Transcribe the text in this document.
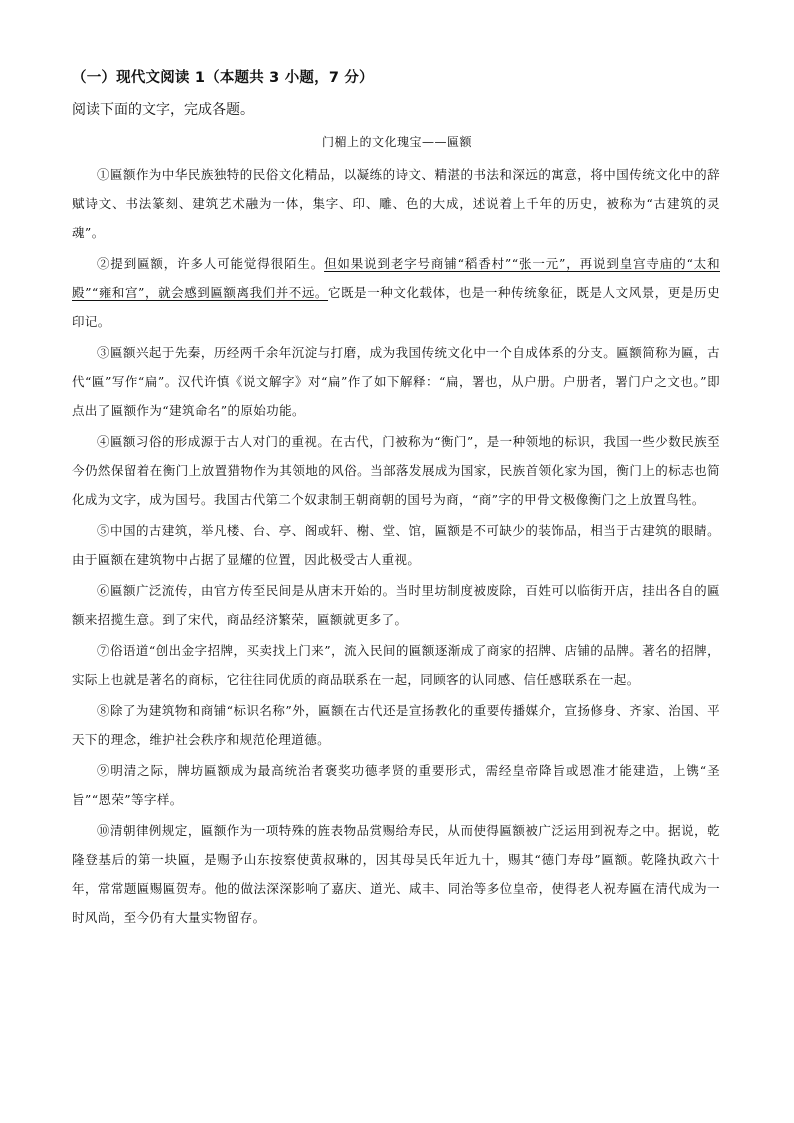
（一）现代文阅读 1（本题共 3 小题，7 分）
阅读下面的文字，完成各题。
门楣上的文化瑰宝——匾额

①匾额作为中华民族独特的民俗文化精品，以凝练的诗文、精湛的书法和深远的寓意，将中国传统文化中的辞赋诗文、书法篆刻、建筑艺术融为一体，集字、印、雕、色的大成，述说着上千年的历史，被称为“古建筑的灵魂”。

②提到匾额，许多人可能觉得很陌生。但如果说到老字号商铺“稻香村”“张一元”，再说到皇宫寺庙的“太和殿”“雍和宫”，就会感到匾额离我们并不远。它既是一种文化载体，也是一种传统象征，既是人文风景，更是历史印记。

③匾额兴起于先秦，历经两千余年沉淀与打磨，成为我国传统文化中一个自成体系的分支。匾额简称为匾，古代“匾”写作“扁”。汉代许慎《说文解字》对“扁”作了如下解释：“扁，署也，从户册。户册者，署门户之文也。”即点出了匾额作为“建筑命名”的原始功能。

④匾额习俗的形成源于古人对门的重视。在古代，门被称为“衡门”，是一种领地的标识，我国一些少数民族至今仍然保留着在衡门上放置猎物作为其领地的风俗。当部落发展成为国家，民族首领化家为国，衡门上的标志也简化成为文字，成为国号。我国古代第二个奴隶制王朝商朝的国号为商，“商”字的甲骨文极像衡门之上放置鸟牲。

⑤中国的古建筑，举凡楼、台、亭、阁或轩、榭、堂、馆，匾额是不可缺少的装饰品，相当于古建筑的眼睛。由于匾额在建筑物中占据了显耀的位置，因此极受古人重视。

⑥匾额广泛流传，由官方传至民间是从唐末开始的。当时里坊制度被废除，百姓可以临街开店，挂出各自的匾额来招揽生意。到了宋代，商品经济繁荣，匾额就更多了。

⑦俗语道“创出金字招牌，买卖找上门来”，流入民间的匾额逐渐成了商家的招牌、店铺的品牌。著名的招牌，实际上也就是著名的商标，它往往同优质的商品联系在一起，同顾客的认同感、信任感联系在一起。

⑧除了为建筑物和商铺“标识名称”外，匾额在古代还是宣扬教化的重要传播媒介，宣扬修身、齐家、治国、平天下的理念，维护社会秩序和规范伦理道德。

⑨明清之际，牌坊匾额成为最高统治者褒奖功德孝贤的重要形式，需经皇帝降旨或恩准才能建造，上镌“圣旨”“恩荣”等字样。

⑩清朝律例规定，匾额作为一项特殊的旌表物品赏赐给寿民，从而使得匾额被广泛运用到祝寿之中。据说，乾隆登基后的第一块匾，是赐予山东按察使黄叔琳的，因其母吴氏年近九十，赐其“德门寿母”匾额。乾隆执政六十年，常常题匾赐匾贺寿。他的做法深深影响了嘉庆、道光、咸丰、同治等多位皇帝，使得老人祝寿匾在清代成为一时风尚，至今仍有大量实物留存。
